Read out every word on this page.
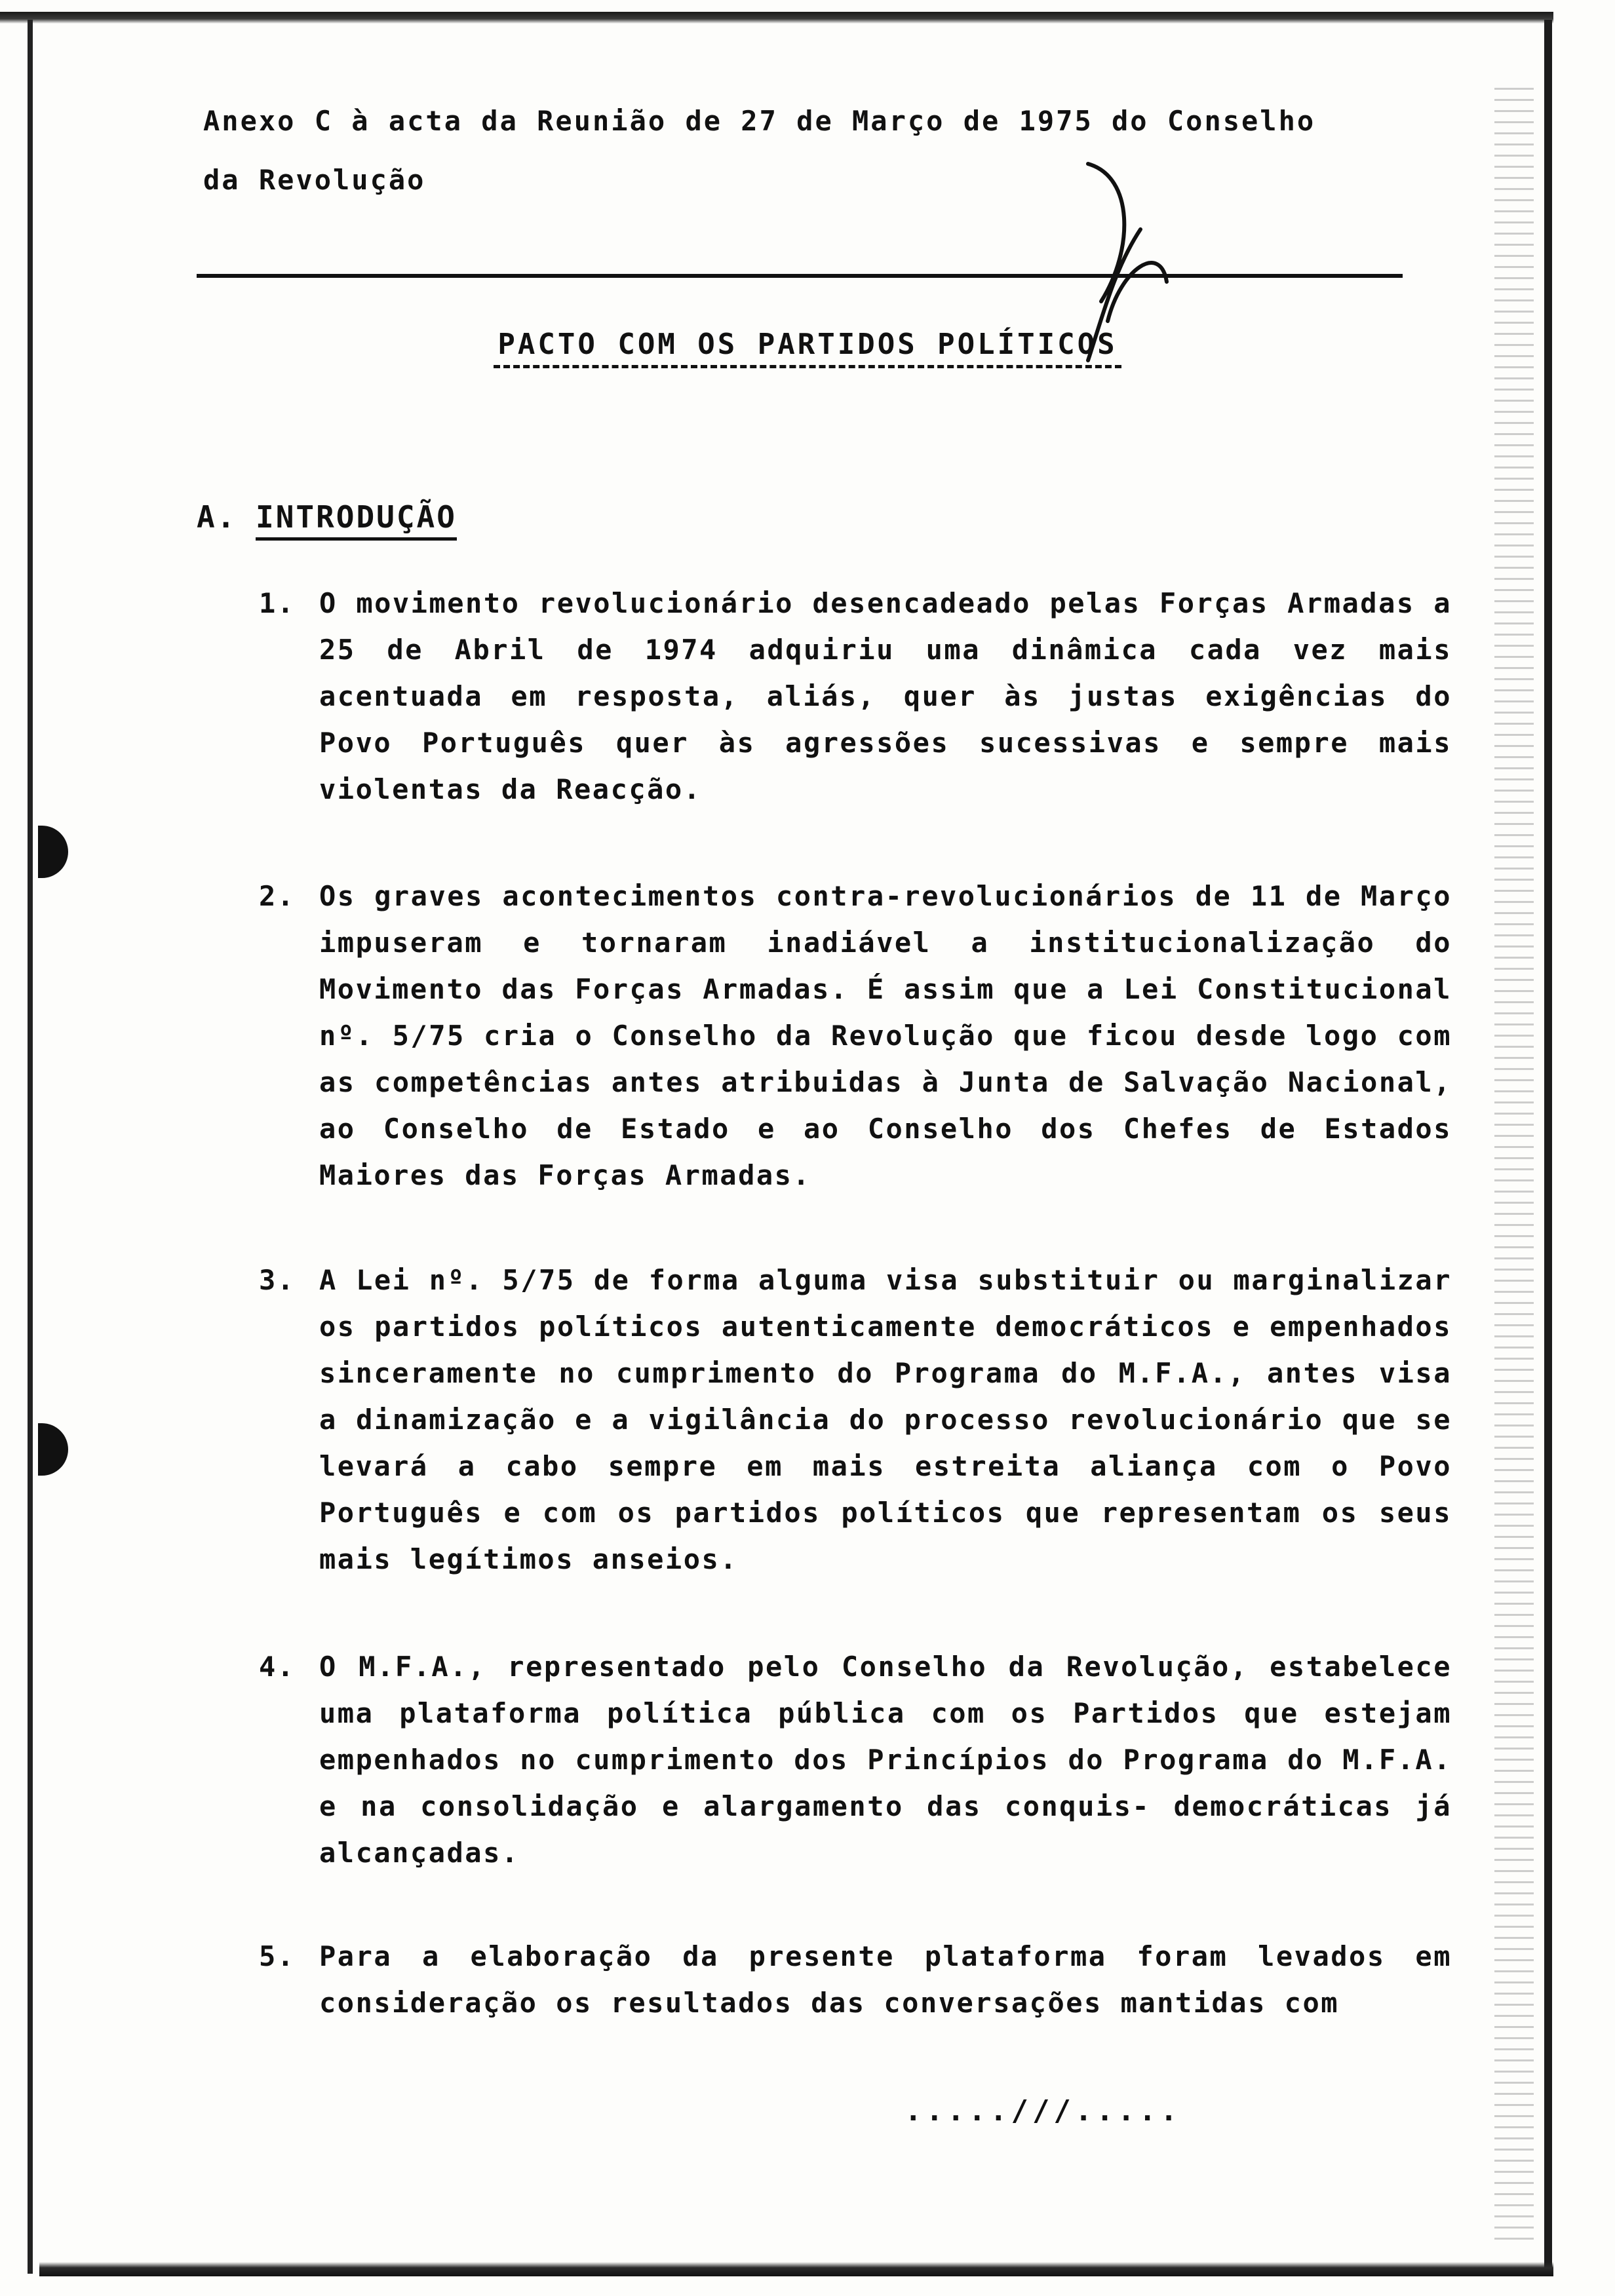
Anexo C à acta da Reunião de 27 de Março de 1975 do Conselho
da Revolução
PACTO COM OS PARTIDOS POLÍTICOS
A. INTRODUÇÃO
1. O movimento revolucionário desencadeado pelas Forças Armadas a 25 de Abril de 1974 adquiriu uma dinâmica cada vez mais acentuada em resposta, aliás, quer às justas exigências do Povo Português quer às agressões sucessivas e sempre mais violentas da Reacção.
2. Os graves acontecimentos contra-revolucionários de 11 de Março impuseram e tornaram inadiável a institucionalização do Movimento das Forças Armadas. É assim que a Lei Constitucional nº. 5/75 cria o Conselho da Revolução que ficou desde logo com as competências antes atribuidas à Junta de Salvação Nacional, ao Conselho de Estado e ao Conselho dos Chefes de Estados Maiores das Forças Armadas.
3. A Lei nº. 5/75 de forma alguma visa substituir ou marginalizar os partidos políticos autenticamente democráticos e empenhados sinceramente no cumprimento do Programa do M.F.A., antes visa a dinamização e a vigilância do processo revolucionário que se levará a cabo sempre em mais estreita aliança com o Povo Português e com os partidos políticos que representam os seus mais legítimos anseios.
4. O M.F.A., representado pelo Conselho da Revolução, estabelece uma plataforma política pública com os Partidos que estejam empenhados no cumprimento dos Princípios do Programa do M.F.A. e na consolidação e alargamento das conquis- democráticas já alcançadas.
5. Para a elaboração da presente plataforma foram levados em consideração os resultados das conversações mantidas com
.....///.....
